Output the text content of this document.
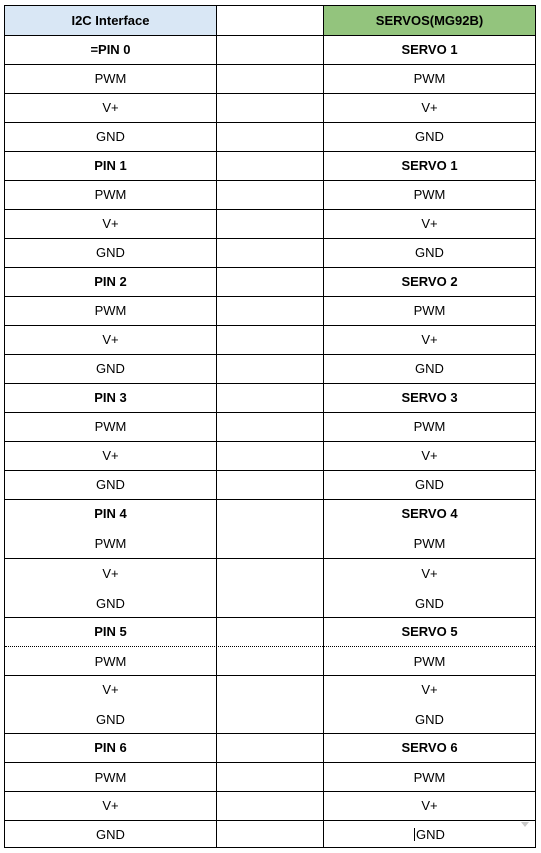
I2C Interface	SERVOS(MG92B)
=PIN 0	SERVO 1
PWM	PWM
V+	V+
GND	GND
PIN 1	SERVO 1
PWM	PWM
V+	V+
GND	GND
PIN 2	SERVO 2
PWM	PWM
V+	V+
GND	GND
PIN 3	SERVO 3
PWM	PWM
V+	V+
GND	GND
PIN 4	SERVO 4
PWM	PWM
V+	V+
GND	GND
PIN 5	SERVO 5
PWM	PWM
V+	V+
GND	GND
PIN 6	SERVO 6
PWM	PWM
V+	V+
GND	GND
